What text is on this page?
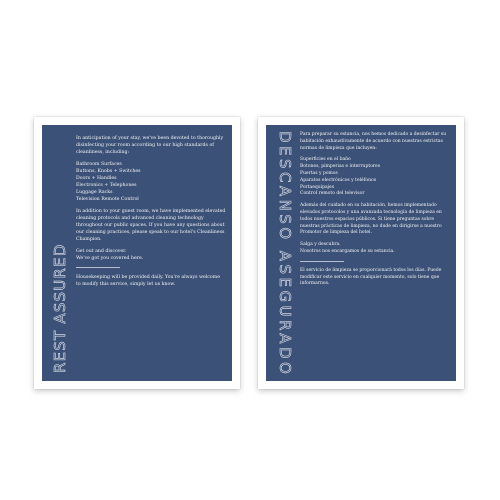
REST ASSURED

In anticipation of your stay, we've been devoted to thoroughly disinfecting your room according to our high standards of cleanliness, including:

Bathroom Surfaces
Buttons, Knobs + Switches
Doors + Handles
Electronics + Telephones
Luggage Racks
Television Remote Control

In addition to your guest room, we have implemented elevated cleaning protocols and advanced cleaning technology throughout our public spaces. If you have any questions about our cleaning practices, please speak to our hotel's Cleanliness Champion.

Get out and discover.
We've got you covered here.

Housekeeping will be provided daily. You're always welcome to modify this service, simply let us know.

DESCANSO ASEGURADO

Para preparar su estancia, nos hemos dedicado a desinfectar su habitación exhaustivamente de acuerdo con nuestras estrictas normas de limpieza que incluyen:

Superficies en el baño
Botones, pimperias e interruptores
Puertas y pomos
Aparatos electrónicos y teléfonos
Portaequipajes
Control remoto del televisor

Además del cuidado en su habitación, hemos implementado elevados protocolos y una avanzada tecnología de limpieza en todos nuestros espacios públicos. Si tiene preguntas sobre nuestras prácticas de limpieza, no dude en dirigirse a nuestro Promotor de limpieza del hotel.

Salga y descubra.
Nosotros nos encargamos de su estancia.

El servicio de limpieza se proporcionará todos los días. Puede modificar este servicio en cualquier momento, solo tiene que informarnos.
